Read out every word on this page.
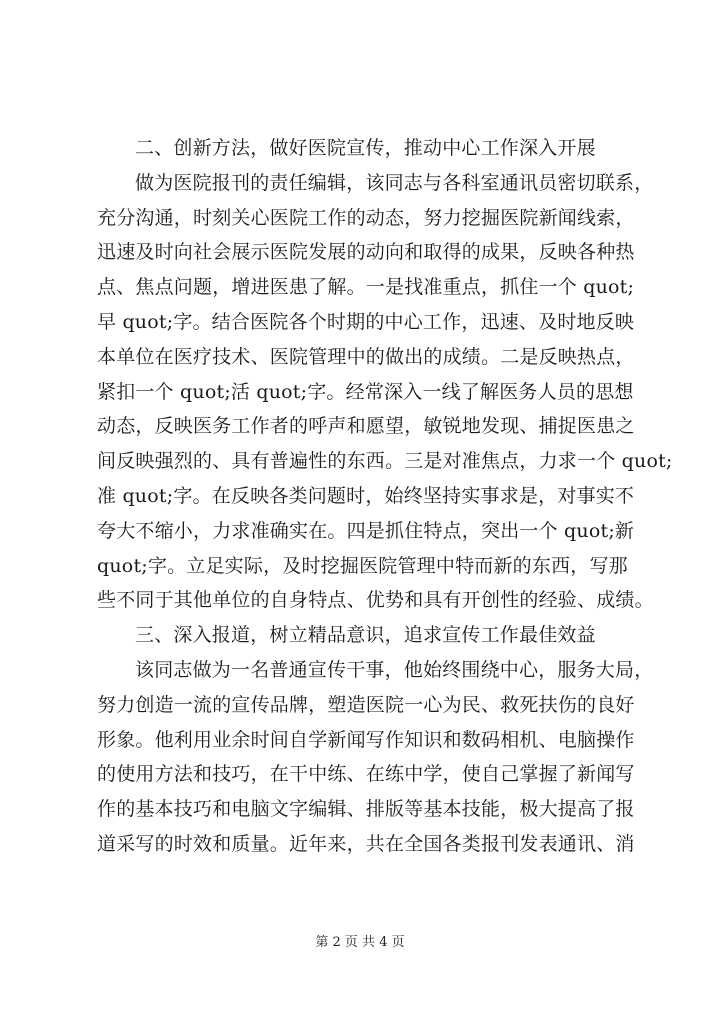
二、创新方法，做好医院宣传，推动中心工作深入开展
做为医院报刊的责任编辑，该同志与各科室通讯员密切联系，
充分沟通，时刻关心医院工作的动态，努力挖掘医院新闻线索，
迅速及时向社会展示医院发展的动向和取得的成果，反映各种热
点、焦点问题，增进医患了解。一是找准重点，抓住一个 quot;
早 quot;字。结合医院各个时期的中心工作，迅速、及时地反映
本单位在医疗技术、医院管理中的做出的成绩。二是反映热点，
紧扣一个 quot;活 quot;字。经常深入一线了解医务人员的思想
动态，反映医务工作者的呼声和愿望，敏锐地发现、捕捉医患之
间反映强烈的、具有普遍性的东西。三是对准焦点，力求一个 quot;
准 quot;字。在反映各类问题时，始终坚持实事求是，对事实不
夸大不缩小，力求准确实在。四是抓住特点，突出一个 quot;新
quot;字。立足实际，及时挖掘医院管理中特而新的东西，写那
些不同于其他单位的自身特点、优势和具有开创性的经验、成绩。
三、深入报道，树立精品意识，追求宣传工作最佳效益
该同志做为一名普通宣传干事，他始终围绕中心，服务大局，
努力创造一流的宣传品牌，塑造医院一心为民、救死扶伤的良好
形象。他利用业余时间自学新闻写作知识和数码相机、电脑操作
的使用方法和技巧，在干中练、在练中学，使自己掌握了新闻写
作的基本技巧和电脑文字编辑、排版等基本技能，极大提高了报
道采写的时效和质量。近年来，共在全国各类报刊发表通讯、消
第 2 页 共 4 页
